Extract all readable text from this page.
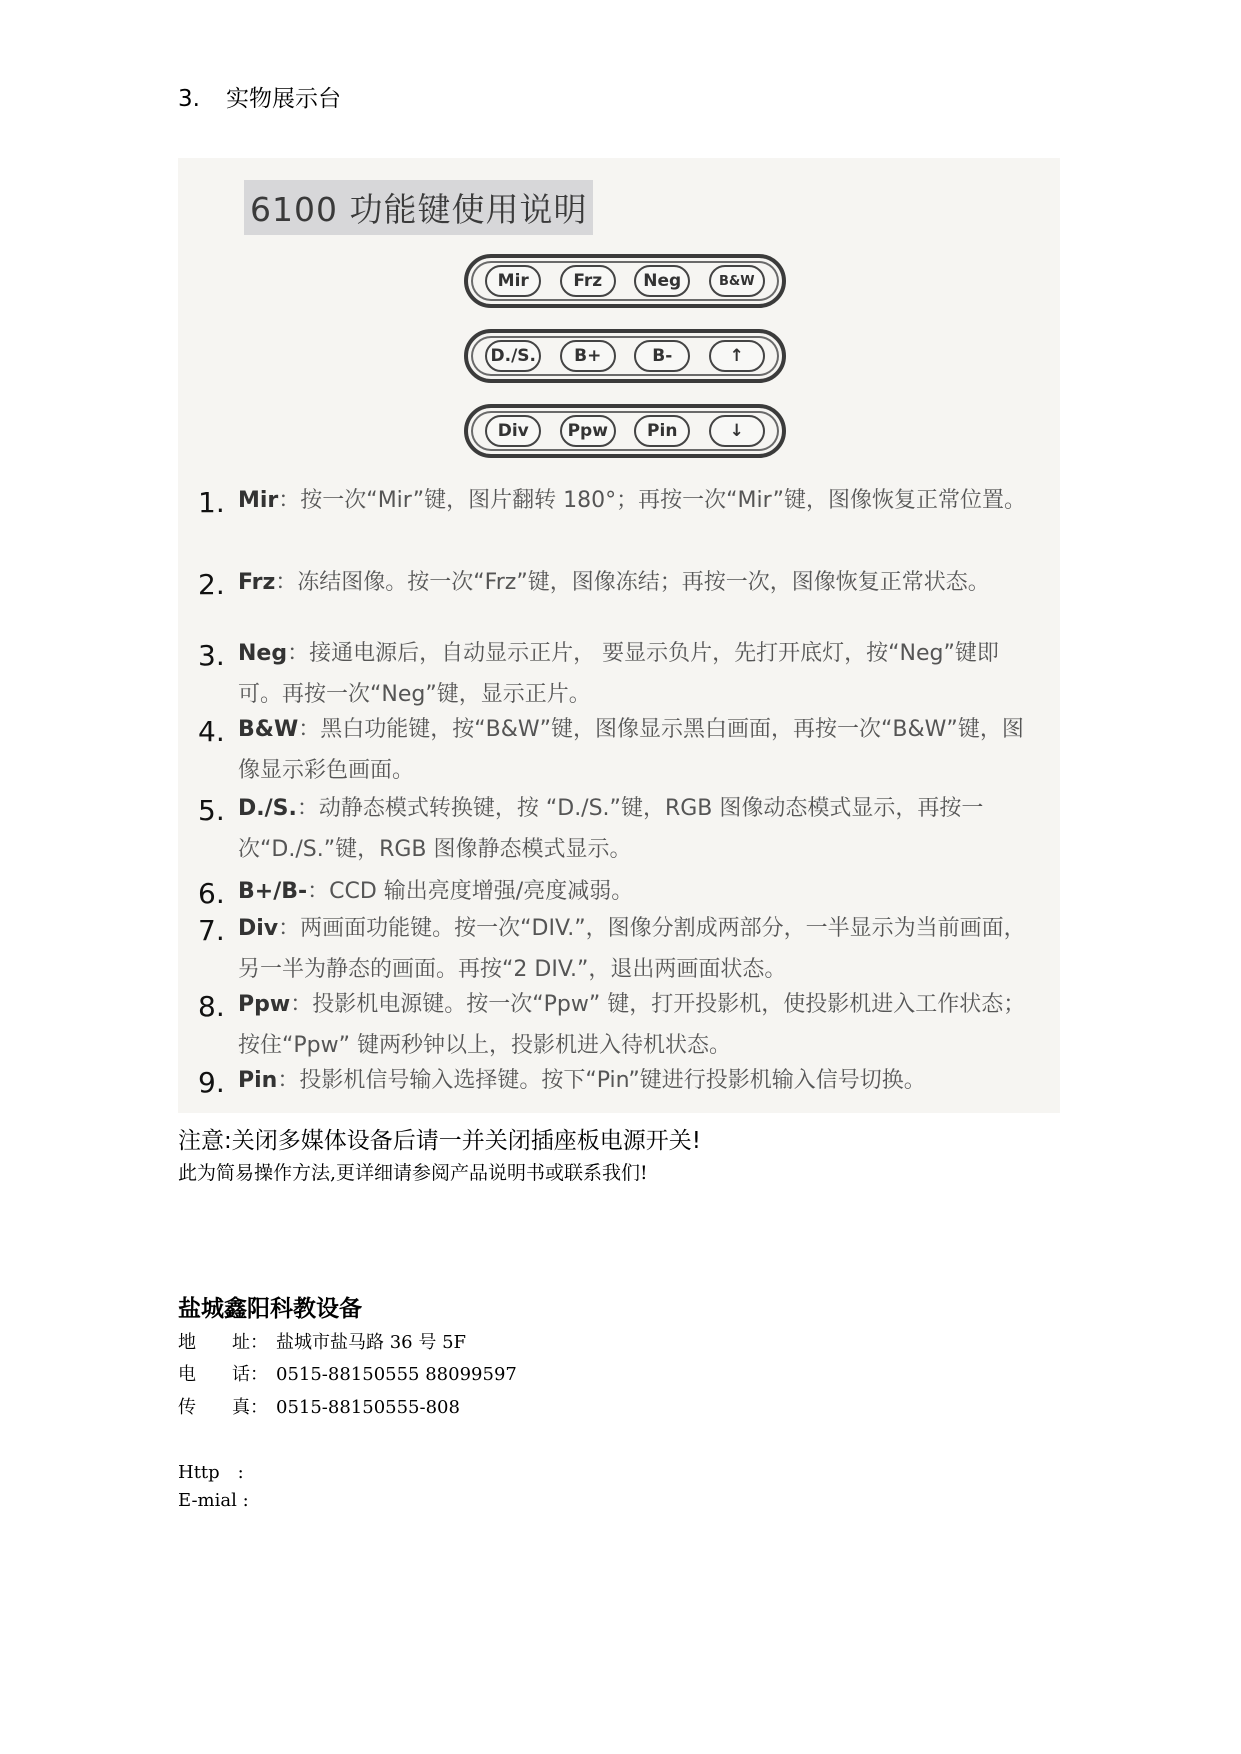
3. 实物展示台
6100 功能键使用说明
Mir	Frz	Neg	B&W
D./S.	B+	B-	↑
Div	Ppw	Pin	↓
1. Mir：按一次“Mir”键，图片翻转 180°；再按一次“Mir”键，图像恢复正常位置。
2. Frz：冻结图像。按一次“Frz”键，图像冻结；再按一次，图像恢复正常状态。
3. Neg：接通电源后，自动显示正片， 要显示负片，先打开底灯，按“Neg”键即可。再按一次“Neg”键，显示正片。
4. B&W：黑白功能键，按“B&W”键，图像显示黑白画面，再按一次“B&W”键，图像显示彩色画面。
5. D./S.：动静态模式转换键，按 “D./S.”键，RGB 图像动态模式显示，再按一次“D./S.”键，RGB 图像静态模式显示。
6. B+/B-：CCD 输出亮度增强/亮度减弱。
7. Div：两画面功能键。按一次“DIV.”，图像分割成两部分，一半显示为当前画面，另一半为静态的画面。再按“2 DIV.”，退出两画面状态。
8. Ppw：投影机电源键。按一次“Ppw” 键，打开投影机，使投影机进入工作状态；按住“Ppw” 键两秒钟以上，投影机进入待机状态。
9. Pin：投影机信号输入选择键。按下“Pin”键进行投影机输入信号切换。
注意:关闭多媒体设备后请一并关闭插座板电源开关!
此为简易操作方法,更详细请参阅产品说明书或联系我们!
盐城鑫阳科教设备
地　　址： 盐城市盐马路 36 号 5F
电　　话： 0515-88150555 88099597
传　　真： 0515-88150555-808
Http　:
E-mial :
